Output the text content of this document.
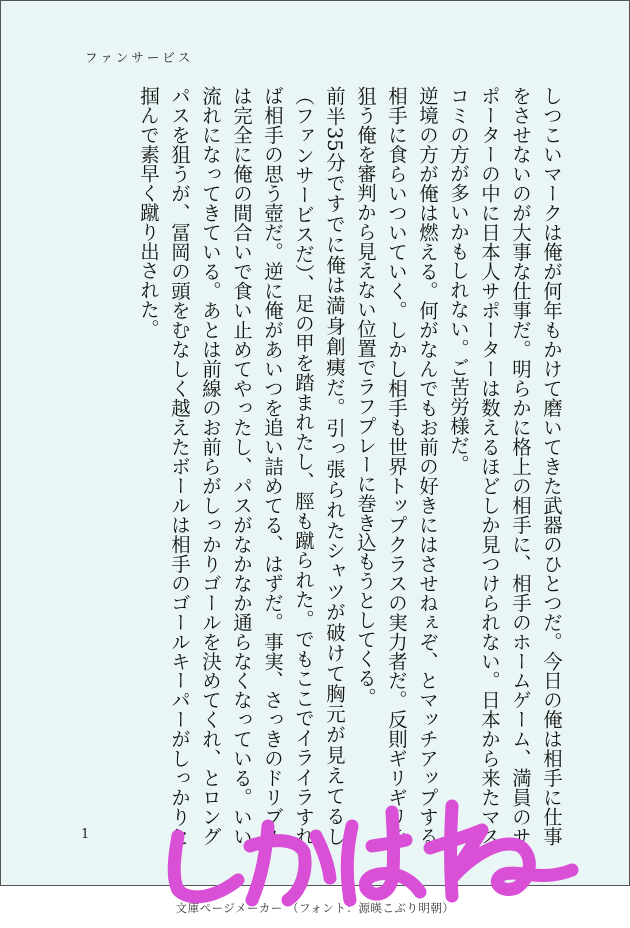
ファンサービス

しつこいマークは俺が何年もかけて磨いてきた武器のひとつだ。今日の俺は相手に仕事をさせないのが大事な仕事だ。明らかに格上の相手に、相手のホームゲーム、満員のサポーターの中に日本人サポーターは数えるほどしか見つけられない。日本から来たマスコミの方が多いかもしれない。ご苦労様だ。

逆境の方が俺は燃える。何がなんでもお前の好きにはさせねぇぞ、とマッチアップする相手に食らいついていく。しかし相手も世界トップクラスの実力者だ。反則ギリギリを狙う俺を審判から見えない位置でラフプレーに巻き込もうとしてくる。

前半35分ですでに俺は満身創痍だ。引っ張られたシャツが破けて胸元が見えてるし（ファンサービスだ）、足の甲を踏まれたし、脛も蹴られた。でもここでイライラすれば相手の思う壺だ。逆に俺があいつを追い詰めてる、はずだ。事実、さっきのドリブルは完全に俺の間合いで食い止めてやったし、パスがなかなか通らなくなっている。いい流れになってきている。あとは前線のお前らがしっかりゴールを決めてくれ、とロングパスを狙うが、冨岡の頭をむなしく越えたボールは相手のゴールキーパーがしっかりと掴んで素早く蹴り出された。

1
文庫ページメーカー （フォント：源暎こぶり明朝）
